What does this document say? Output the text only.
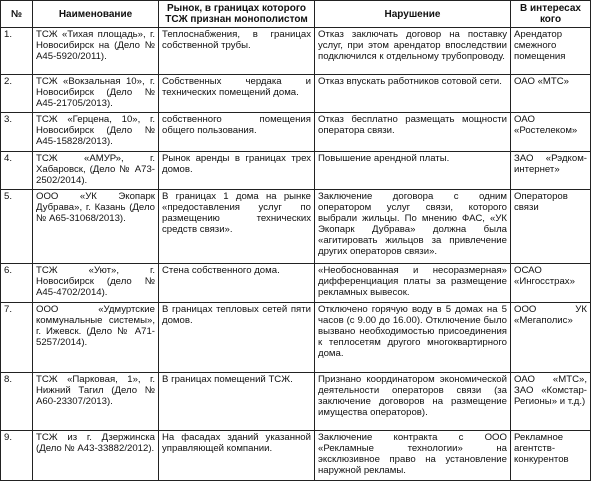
№	Наименование	Рынок, в границах которого ТСЖ признан монополистом	Нарушение	В интересах кого
1.	ТСЖ «Тихая площадь», г. Новосибирск на (Дело № А45-5920/2011).	Теплоснабжения, в границах собственной трубы.	Отказ заключать договор на поставку услуг, при этом арендатор впоследствии подключился к отдельному трубопроводу.	Арендатор смежного помещения
2.	ТСЖ «Вокзальная 10», г. Новосибирск (Дело № А45-21705/2013).	Собственных чердака и технических помещений дома.	Отказ впускать работников сотовой сети.	ОАО «МТС»
3.	ТСЖ «Герцена, 10», г. Новосибирск (Дело № А45-15828/2013).	собственного помещения общего пользования.	Отказ бесплатно размещать мощности оператора связи.	ОАО «Ростелеком»
4.	ТСЖ «АМУР», г. Хабаровск, (Дело № А73-2502/2014).	Рынок аренды в границах трех домов.	Повышение арендной платы.	ЗАО «Рэдком-интернет»
5.	ООО «УК Экопарк Дубрава», г. Казань (Дело № А65-31068/2013).	В границах 1 дома на рынке «предоставления услуг по размещению технических средств связи».	Заключение договора с одним оператором услуг связи, которого выбрали жильцы. По мнению ФАС, «УК Экопарк Дубрава» должна была «агитировать жильцов за привлечение других операторов связи».	Операторов связи
6.	ТСЖ «Уют», г. Новосибирск (дело № А45-4702/2014).	Стена собственного дома.	«Необоснованная и несоразмерная» дифференциация платы за размещение рекламных вывесок.	ОСАО «Ингосстрах»
7.	ООО «Удмуртские коммунальные системы», г. Ижевск. (Дело № А71-5257/2014).	В границах тепловых сетей пяти домов.	Отключено горячую воду в 5 домах на 5 часов (с 9.00 до 16.00). Отключение было вызвано необходимостью присоединения к теплосетям другого многоквартирного дома.	ООО УК «Мегаполис»
8.	ТСЖ «Парковая, 1», г. Нижний Тагил (Дело № А60-23307/2013).	В границах помещений ТСЖ.	Признано координатором экономической деятельности операторов связи (за заключение договоров на размещение имущества операторов).	ОАО «МТС», ЗАО «Комстар-Регионы» и т.д.)
9.	ТСЖ из г. Дзержинска (Дело № А43-33882/2012).	На фасадах зданий указанной управляющей компании.	Заключение контракта с ООО «Рекламные технологии» на эксклюзивное право на установление наружной рекламы.	Рекламное агентств-конкурентов
